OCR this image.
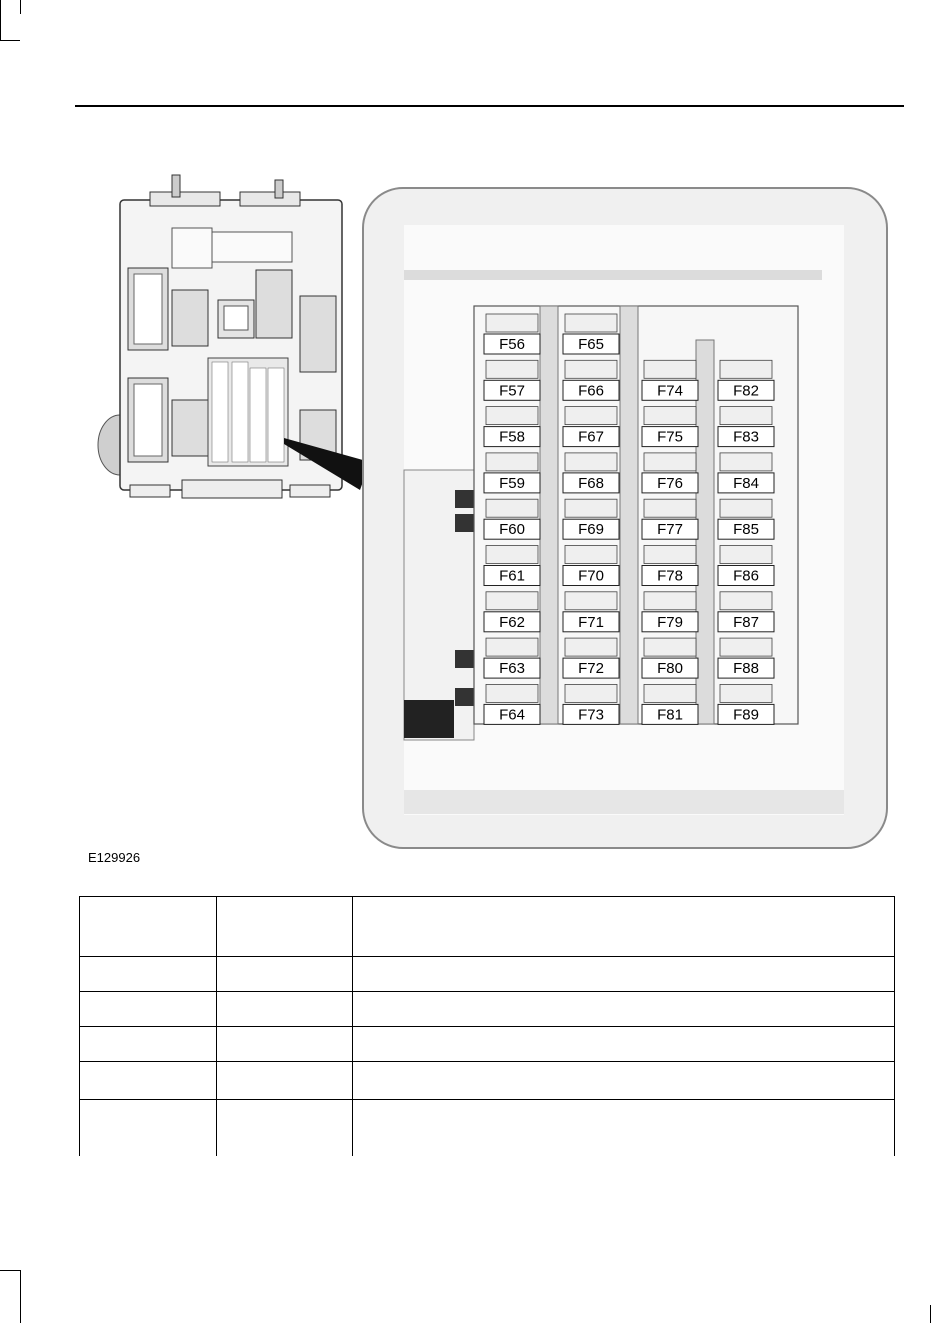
F56
F57
F58
F59
F60
F61
F62
F63
F64
F65
F66
F67
F68
F69
F70
F71
F72
F73
F74
F75
F76
F77
F78
F79
F80
F81
F82
F83
F84
F85
F86
F87
F88
F89
E129926
